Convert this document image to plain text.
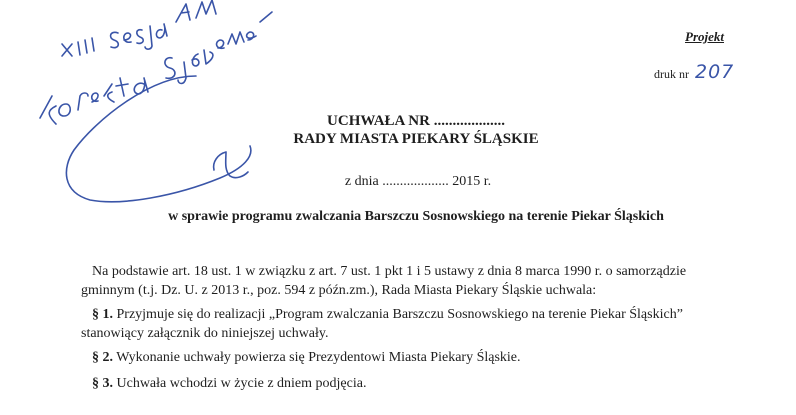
Projekt
druk nr 207
UCHWAŁA NR ...................
RADY MIASTA PIEKARY ŚLĄSKIE
z dnia ................... 2015 r.
w sprawie programu zwalczania Barszczu Sosnowskiego na terenie Piekar Śląskich
Na podstawie art. 18 ust. 1 w związku z art. 7 ust. 1 pkt 1 i 5 ustawy z dnia 8 marca 1990 r. o samorządzie
gminnym (t.j. Dz. U. z 2013 r., poz. 594 z późn.zm.), Rada Miasta Piekary Śląskie uchwala:
§ 1. Przyjmuje się do realizacji „Program zwalczania Barszczu Sosnowskiego na terenie Piekar Śląskich”
stanowiący załącznik do niniejszej uchwały.
§ 2. Wykonanie uchwały powierza się Prezydentowi Miasta Piekary Śląskie.
§ 3. Uchwała wchodzi w życie z dniem podjęcia.
